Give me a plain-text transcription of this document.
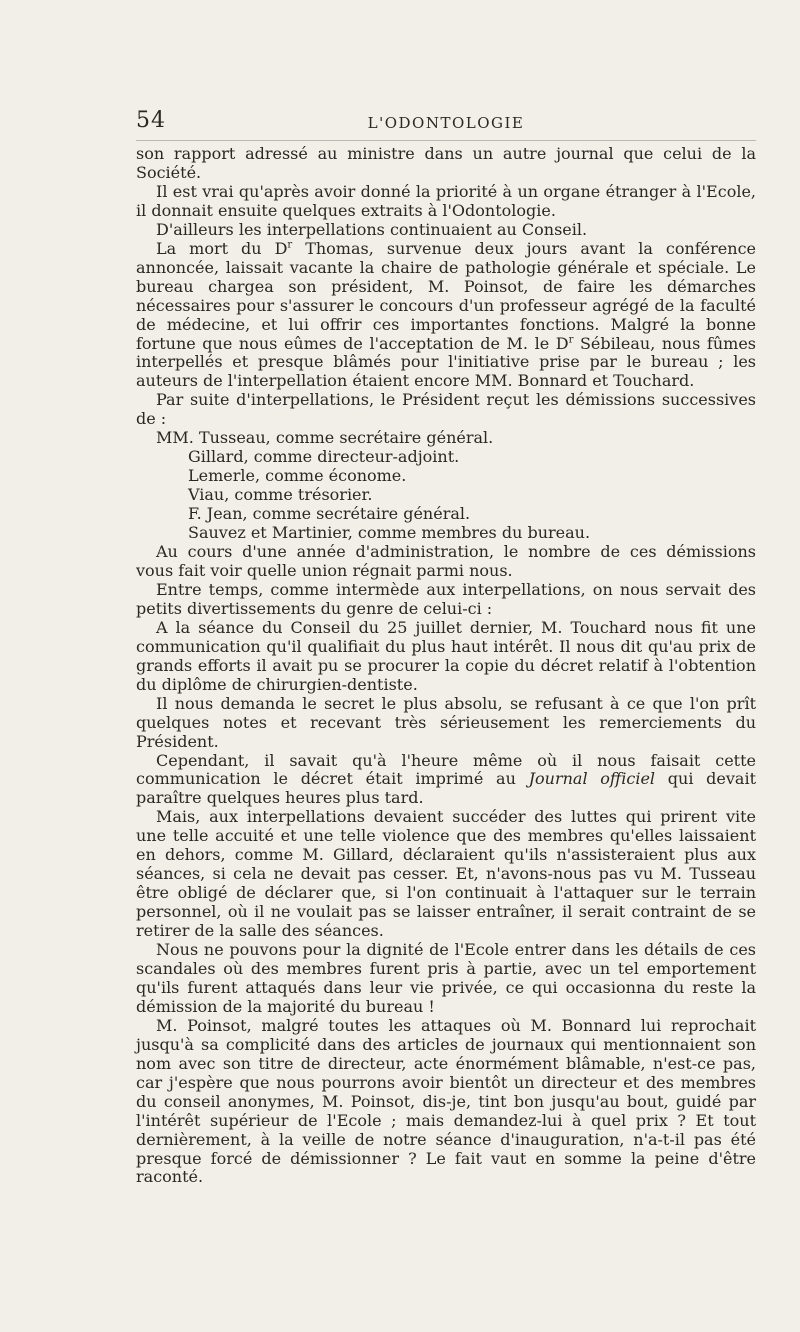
54	L'ODONTOLOGIE

son rapport adressé au ministre dans un autre journal que celui de la Société.

Il est vrai qu'après avoir donné la priorité à un organe étranger à l'Ecole, il donnait ensuite quelques extraits à l'Odontologie.

D'ailleurs les interpellations continuaient au Conseil.

La mort du $D^r$ Thomas, survenue deux jours avant la conférence annoncée, laissait vacante la chaire de pathologie générale et spéciale. Le bureau chargea son président, M. Poinsot, de faire les démarches nécessaires pour s'assurer le concours d'un professeur agrégé de la faculté de médecine, et lui offrir ces importantes fonctions. Malgré la bonne fortune que nous eûmes de l'acceptation de M. le $D^r$ Sébileau, nous fûmes interpellés et presque blâmés pour l'initiative prise par le bureau ; les auteurs de l'interpellation étaient encore MM. Bonnard et Touchard.

Par suite d'interpellations, le Président reçut les démissions successives de :

MM. Tusseau, comme secrétaire général.
Gillard, comme directeur-adjoint.
Lemerle, comme économe.
Viau, comme trésorier.
F. Jean, comme secrétaire général.
Sauvez et Martinier, comme membres du bureau.

Au cours d'une année d'administration, le nombre de ces démissions vous fait voir quelle union régnait parmi nous.

Entre temps, comme intermède aux interpellations, on nous servait des petits divertissements du genre de celui-ci :

A la séance du Conseil du 25 juillet dernier, M. Touchard nous fit une communication qu'il qualifiait du plus haut intérêt. Il nous dit qu'au prix de grands efforts il avait pu se procurer la copie du décret relatif à l'obtention du diplôme de chirurgien-dentiste.

Il nous demanda le secret le plus absolu, se refusant à ce que l'on prît quelques notes et recevant très sérieusement les remerciements du Président.

Cependant, il savait qu'à l'heure même où il nous faisait cette communication le décret était imprimé au Journal officiel qui devait paraître quelques heures plus tard.

Mais, aux interpellations devaient succéder des luttes qui prirent vite une telle accuité et une telle violence que des membres qu'elles laissaient en dehors, comme M. Gillard, déclaraient qu'ils n'assisteraient plus aux séances, si cela ne devait pas cesser. Et, n'avons-nous pas vu M. Tusseau être obligé de déclarer que, si l'on continuait à l'attaquer sur le terrain personnel, où il ne voulait pas se laisser entraîner, il serait contraint de se retirer de la salle des séances.

Nous ne pouvons pour la dignité de l'Ecole entrer dans les détails de ces scandales où des membres furent pris à partie, avec un tel emportement qu'ils furent attaqués dans leur vie privée, ce qui occasionna du reste la démission de la majorité du bureau !

M. Poinsot, malgré toutes les attaques où M. Bonnard lui reprochait jusqu'à sa complicité dans des articles de journaux qui mentionnaient son nom avec son titre de directeur, acte énormément blâmable, n'est-ce pas, car j'espère que nous pourrons avoir bientôt un directeur et des membres du conseil anonymes, M. Poinsot, dis-je, tint bon jusqu'au bout, guidé par l'intérêt supérieur de l'Ecole ; mais demandez-lui à quel prix ? Et tout dernièrement, à la veille de notre séance d'inauguration, n'a-t-il pas été presque forcé de démissionner ? Le fait vaut en somme la peine d'être raconté.
